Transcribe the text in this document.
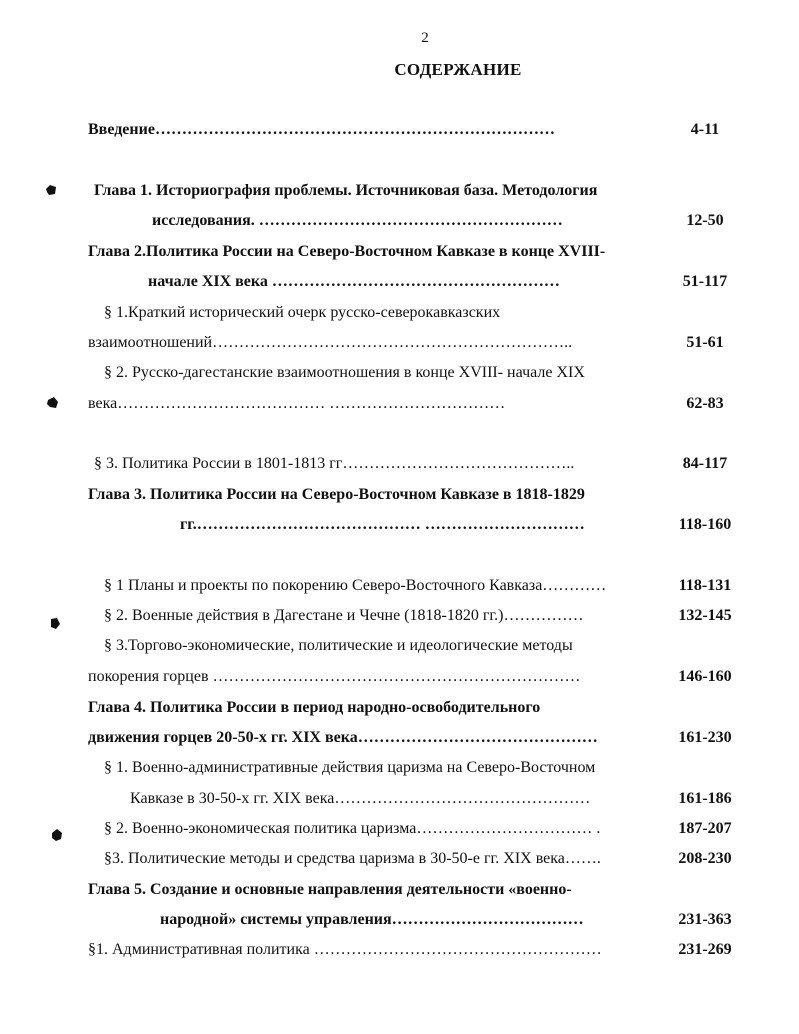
2
СОДЕРЖАНИЕ
Введение…………………………………………………………………	4-11
Глава 1. Историография проблемы. Источниковая база. Методология
исследования. …………………………………………………	12-50
Глава 2.Политика России на Северо-Восточном Кавказе в конце XVIII-
начале XIX века ………………………………………………	51-117
§ 1.Краткий исторический очерк русско-северокавказских
взаимоотношений…………………………………………………………..	51-61
§ 2. Русско-дагестанские взаимоотношения в конце XVIII- начале XIX
века………………………………… ……………………………	62-83
§ 3. Политика России в 1801-1813 гг……………………………………..	84-117
Глава 3. Политика России на Северо-Восточном Кавказе в 1818-1829
гг.…………………………………… …………………………	118-160
§ 1 Планы и проекты по покорению Северо-Восточного Кавказа…………	118-131
§ 2. Военные действия в Дагестане и Чечне (1818-1820 гг.)……………	132-145
§ 3.Торгово-экономические, политические и идеологические методы
покорения горцев ……………………………………………………………	146-160
Глава 4. Политика России в период народно-освободительного
движения горцев 20-50-х гг. XIX века………………………………………	161-230
§ 1. Военно-административные действия царизма на Северо-Восточном
Кавказе в 30-50-х гг. XIX века…………………………………………	161-186
§ 2. Военно-экономическая политика царизма…………………………… .	187-207
§3. Политические методы и средства царизма в 30-50-е гг. XIX века…….	208-230
Глава 5. Создание и основные направления деятельности «военно-
народной» системы управления………………………………	231-363
§1. Административная политика ………………………………………………	231-269
